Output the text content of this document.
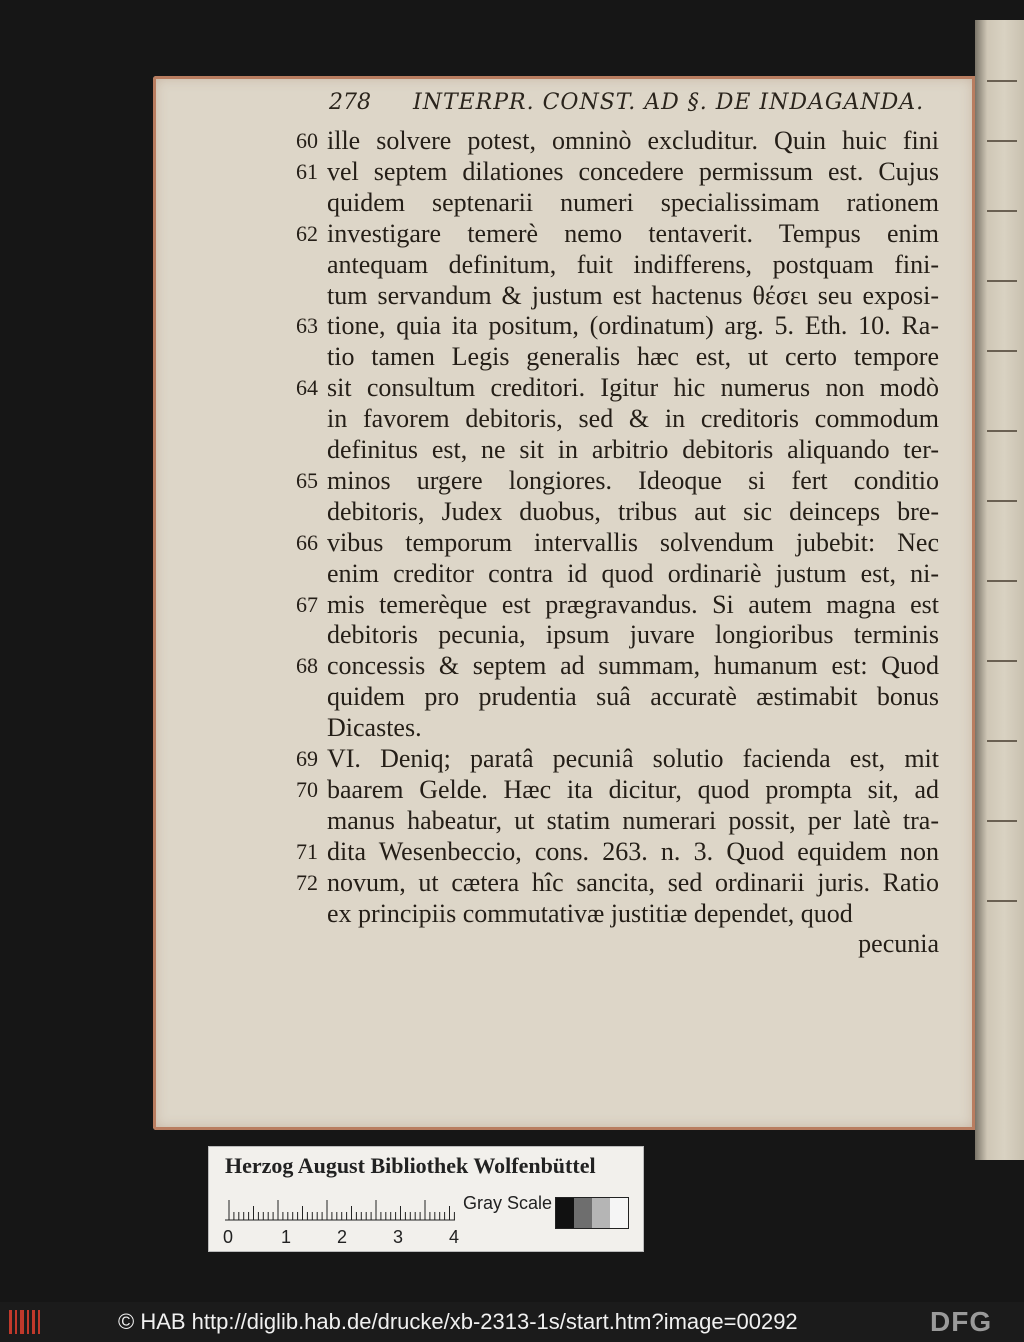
278 INTERPR. CONST. AD §. DE INDAGANDA.
60 ille solvere potest, omninò excluditur. Quin huic fini
61 vel septem dilationes concedere permissum est. Cujus
quidem septenarii numeri specialissimam rationem
62 investigare temerè nemo tentaverit. Tempus enim
antequam definitum, fuit indifferens, postquam fini-
tum servandum & justum est hactenus θέσει seu exposi-
63 tione, quia ita positum, (ordinatum) arg. 5. Eth. 10. Ra-
tio tamen Legis generalis hæc est, ut certo tempore
64 sit consultum creditori. Igitur hic numerus non modò
in favorem debitoris, sed & in creditoris commodum
definitus est, ne sit in arbitrio debitoris aliquando ter-
65 minos urgere longiores. Ideoque si fert conditio
debitoris, Judex duobus, tribus aut sic deinceps bre-
66 vibus temporum intervallis solvendum jubebit: Nec
enim creditor contra id quod ordinariè justum est, ni-
67 mis temerèque est prægravandus. Si autem magna est
debitoris pecunia, ipsum juvare longioribus terminis
68 concessis & septem ad summam, humanum est: Quod
quidem pro prudentia suâ accuratè æstimabit bonus
Dicastes.
69 VI. Deniq; paratâ pecuniâ solutio facienda est, mit
70 baarem Gelde. Hæc ita dicitur, quod prompta sit, ad
manus habeatur, ut statim numerari possit, per latè tra-
71 dita Wesenbeccio, cons. 263. n. 3. Quod equidem non
72 novum, ut cætera hîc sancita, sed ordinarii juris. Ratio
ex principiis commutativæ justitiæ dependet, quod
pecunia
Herzog August Bibliothek Wolfenbüttel
0	1	2	3	4
Gray Scale
© HAB http://diglib.hab.de/drucke/xb-2313-1s/start.htm?image=00292	DFG
